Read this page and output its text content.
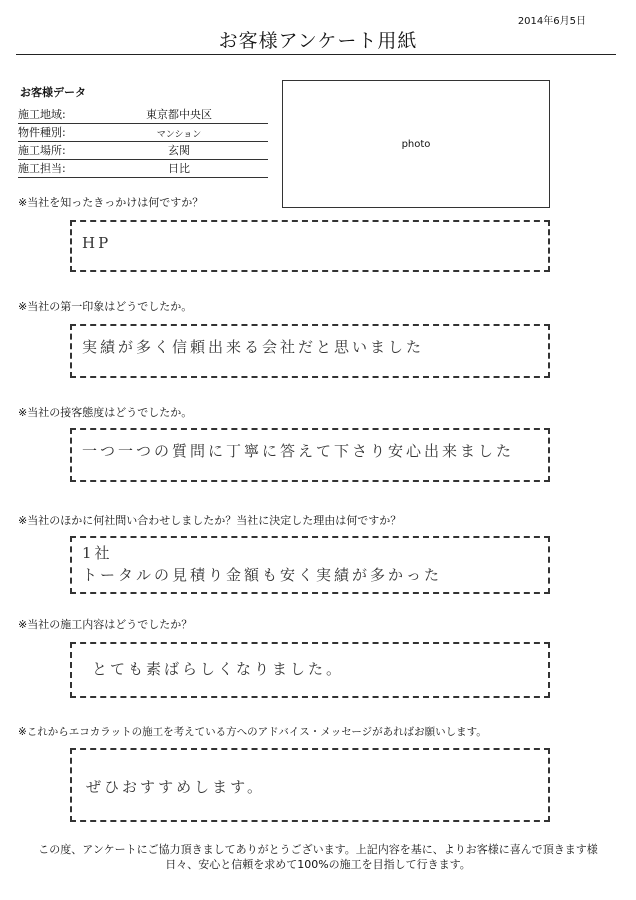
2014年6月5日
お客様アンケート用紙
お客様データ
施工地域:	東京都中央区
物件種別:	マンション
施工場所:	玄関
施工担当:	日比
photo
※当社を知ったきっかけは何ですか？
HP
※当社の第一印象はどうでしたか。
実績が多く信頼出来る会社だと思いました
※当社の接客態度はどうでしたか。
一つ一つの質問に丁寧に答えて下さり安心出来ました
※当社のほかに何社問い合わせしましたか？当社に決定した理由は何ですか？
1社
トータルの見積り金額も安く実績が多かった
※当社の施工内容はどうでしたか？
とても素ばらしくなりました。
※これからエコカラットの施工を考えている方へのアドバイス・メッセージがあればお願いします。
ぜひおすすめします。
この度、アンケートにご協力頂きましてありがとうございます。上記内容を基に、よりお客様に喜んで頂きます様
日々、安心と信頼を求めて100%の施工を目指して行きます。
